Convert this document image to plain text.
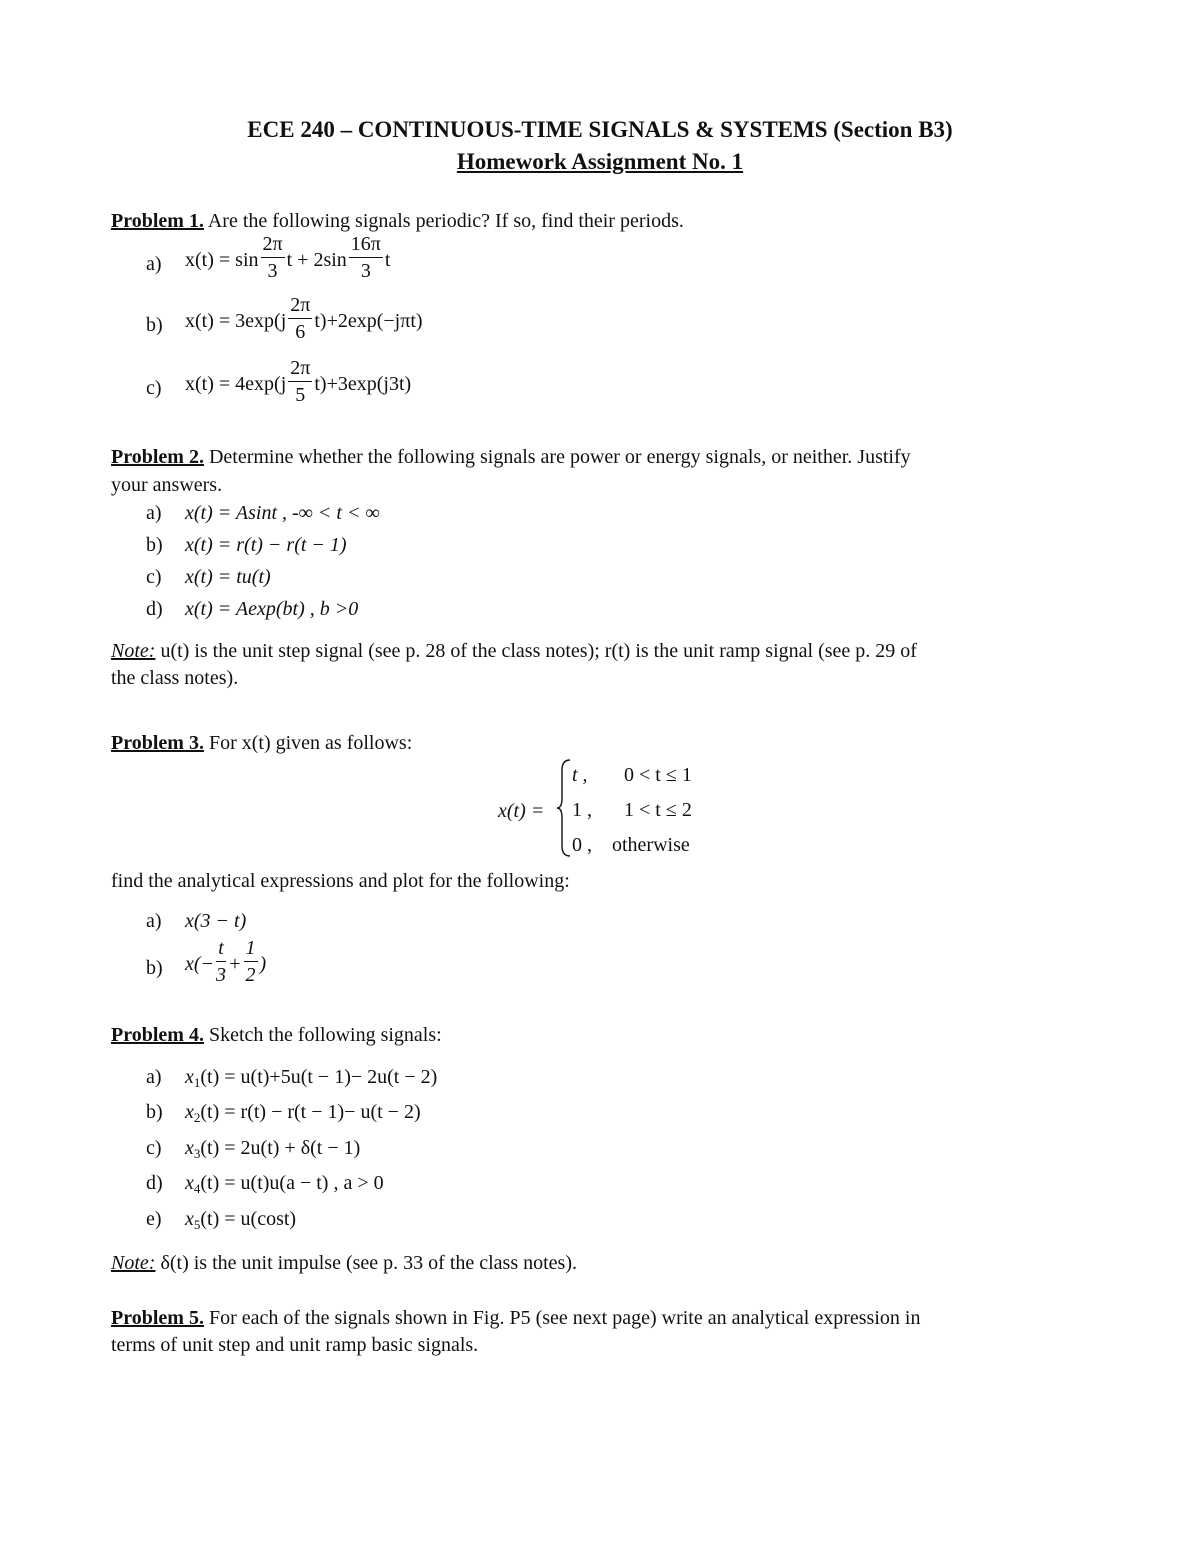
ECE 240 – CONTINUOUS-TIME SIGNALS & SYSTEMS (Section B3)
Homework Assignment No. 1
Problem 1. Are the following signals periodic? If so, find their periods.
a) $x(t) = \sin \frac{2\pi}{3}$ $t + 2\sin \frac{16\pi}{3}$ t
b) $x(t) = 3\exp(j \frac{2\pi}{6} t)+2\exp(-j\pi t)$
c) $x(t) = 4\exp(j \frac{2\pi}{5} t)+3\exp(j3t)$
Problem 2. Determine whether the following signals are power or energy signals, or neither. Justify
your answers.
a) x(t) = Asint , -∞ < t < ∞
b) x(t) = r(t) − r(t − 1)
c) x(t) = tu(t)
d) x(t) = Aexp(bt) , b >0
Note: u(t) is the unit step signal (see p. 28 of the class notes); r(t) is the unit ramp signal (see p. 29 of
the class notes).
Problem 3. For x(t) given as follows:
x(t) =
t , 0 < t ≤ 1
1 , 1 < t ≤ 2
0 , otherwise
find the analytical expressions and plot for the following:
a) x(3 − t)
b) $x(- \frac{t}{3} + \frac{1}{2}$ )
Problem 4. Sketch the following signals:
a) $x_1(t) = u(t)+5u(t - 1)- 2u(t - 2)$
b) $x_2(t) = r(t) - r(t - 1)- u(t - 2)$
c) $x_3(t) = 2u(t) + \delta(t - 1)$
d) $x_4(t) = u(t)u(a - t)$ , a > 0
e) $x_5(t) = u(\cos t)$
Note: δ(t) is the unit impulse (see p. 33 of the class notes).
Problem 5. For each of the signals shown in Fig. P5 (see next page) write an analytical expression in
terms of unit step and unit ramp basic signals.
